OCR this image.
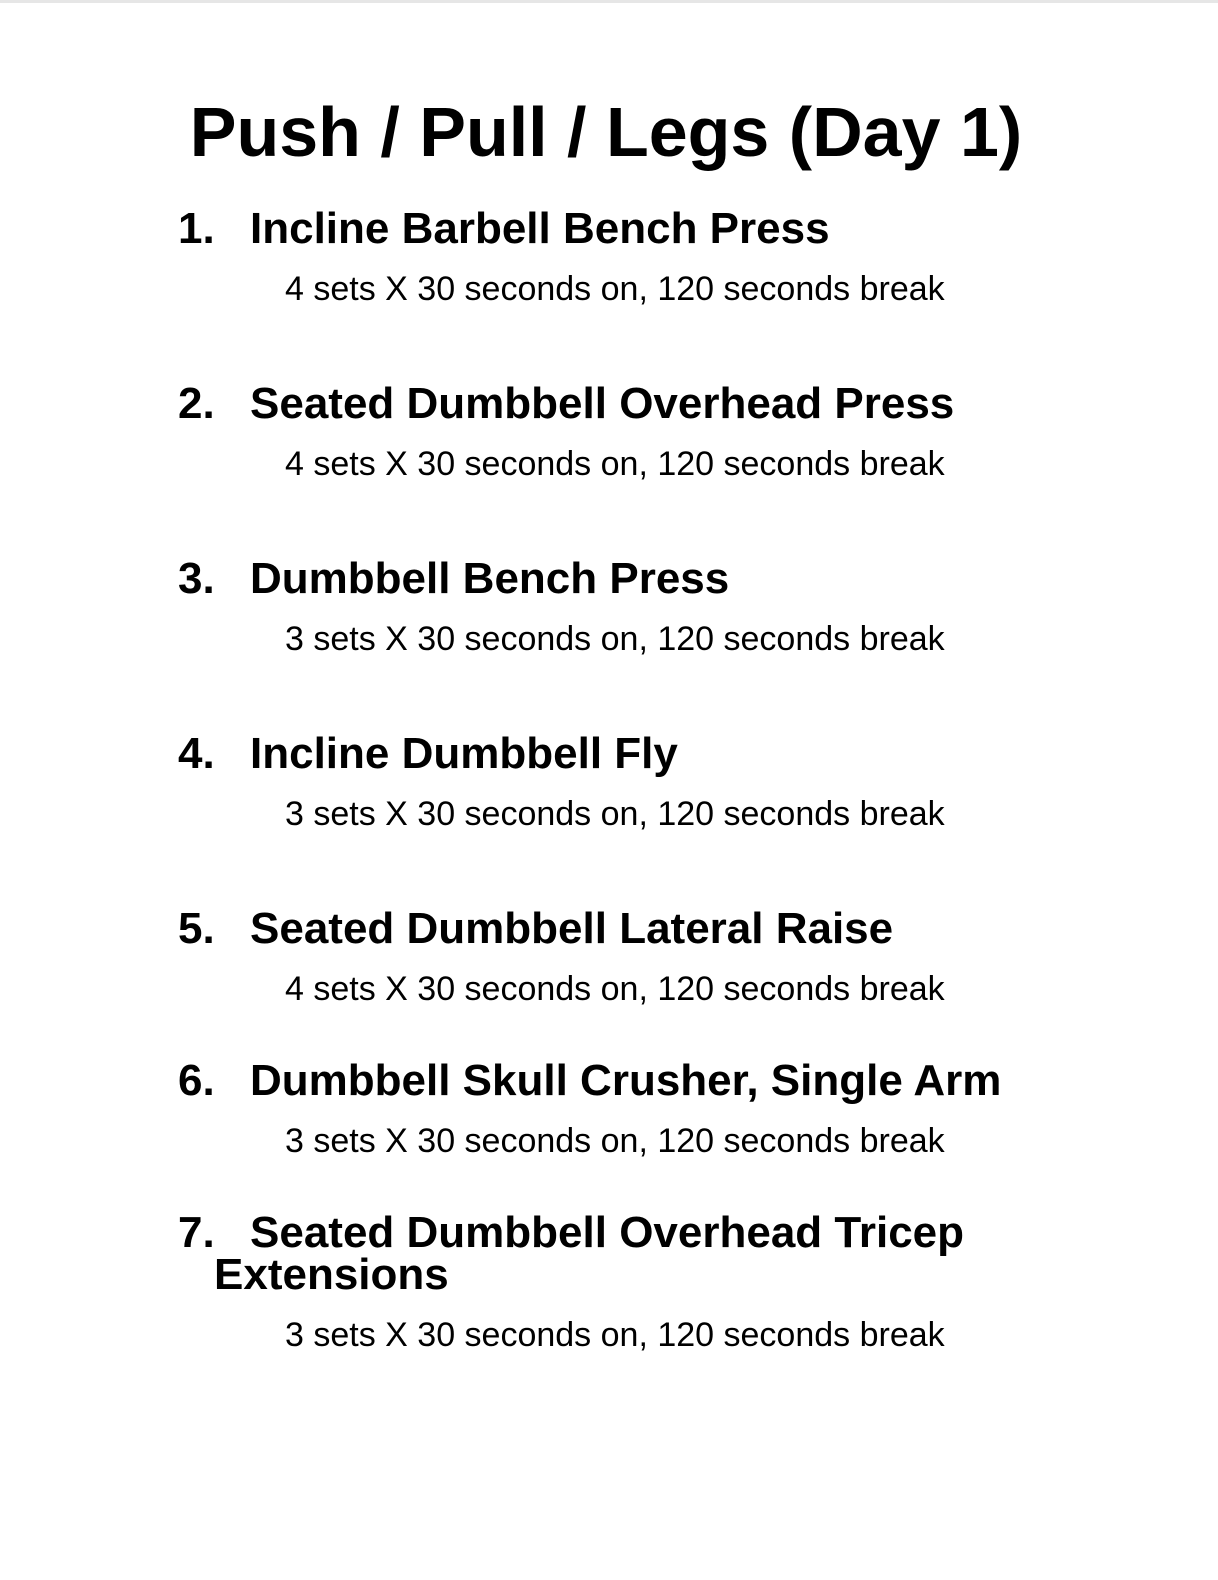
Push / Pull / Legs (Day 1)
1. Incline Barbell Bench Press
4 sets X 30 seconds on, 120 seconds break
2. Seated Dumbbell Overhead Press
4 sets X 30 seconds on, 120 seconds break
3. Dumbbell Bench Press
3 sets X 30 seconds on, 120 seconds break
4. Incline Dumbbell Fly
3 sets X 30 seconds on, 120 seconds break
5. Seated Dumbbell Lateral Raise
4 sets X 30 seconds on, 120 seconds break
6. Dumbbell Skull Crusher, Single Arm
3 sets X 30 seconds on, 120 seconds break
7. Seated Dumbbell Overhead Tricep
Extensions
3 sets X 30 seconds on, 120 seconds break
